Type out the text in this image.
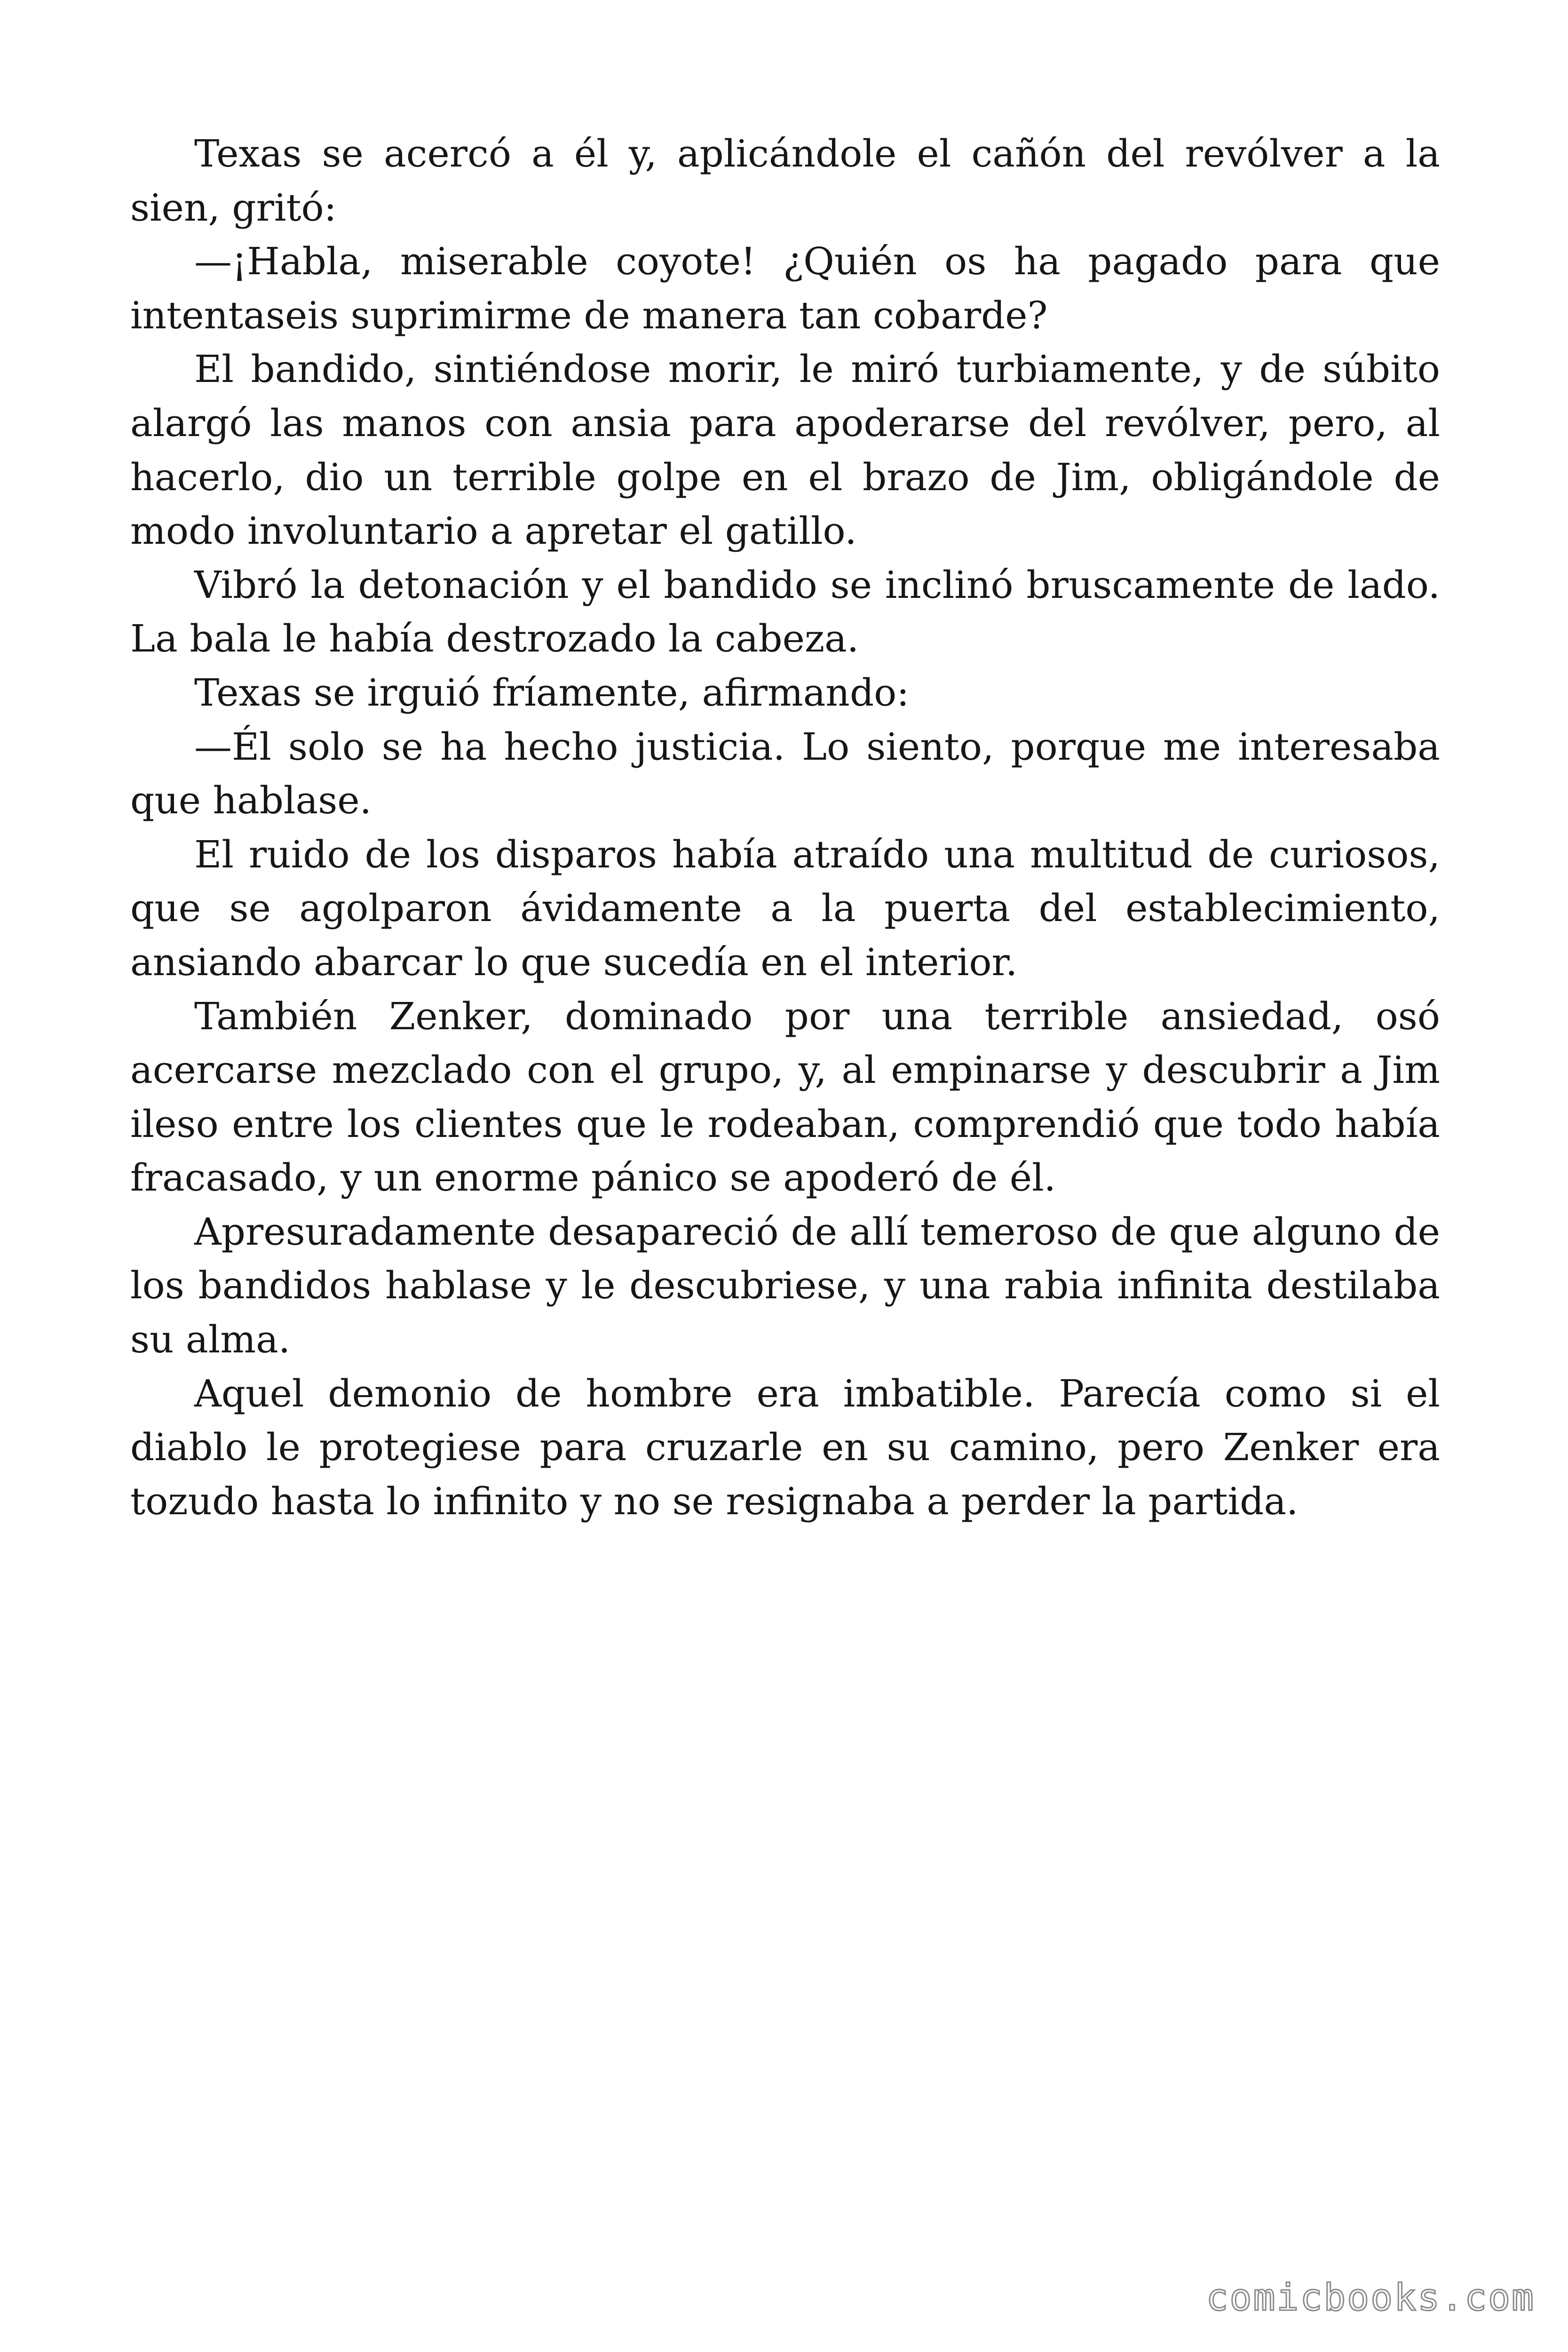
Texas se acercó a él y, aplicándole el cañón del revólver a la sien, gritó:

—¡Habla, miserable coyote! ¿Quién os ha pagado para que intentaseis suprimirme de manera tan cobarde?

El bandido, sintiéndose morir, le miró turbiamente, y de súbito alargó las manos con ansia para apoderarse del revólver, pero, al hacerlo, dio un terrible golpe en el brazo de Jim, obligándole de modo involuntario a apretar el gatillo.

Vibró la detonación y el bandido se inclinó bruscamente de lado. La bala le había destrozado la cabeza.

Texas se irguió fríamente, afirmando:

—Él solo se ha hecho justicia. Lo siento, porque me interesaba que hablase.

El ruido de los disparos había atraído una multitud de curiosos, que se agolparon ávidamente a la puerta del establecimiento, ansiando abarcar lo que sucedía en el interior.

También Zenker, dominado por una terrible ansiedad, osó acercarse mezclado con el grupo, y, al empinarse y descubrir a Jim ileso entre los clientes que le rodeaban, comprendió que todo había fracasado, y un enorme pánico se apoderó de él.

Apresuradamente desapareció de allí temeroso de que alguno de los bandidos hablase y le descubriese, y una rabia infinita destilaba su alma.

Aquel demonio de hombre era imbatible. Parecía como si el diablo le protegiese para cruzarle en su camino, pero Zenker era tozudo hasta lo infinito y no se resignaba a perder la partida.

comicbooks.com
